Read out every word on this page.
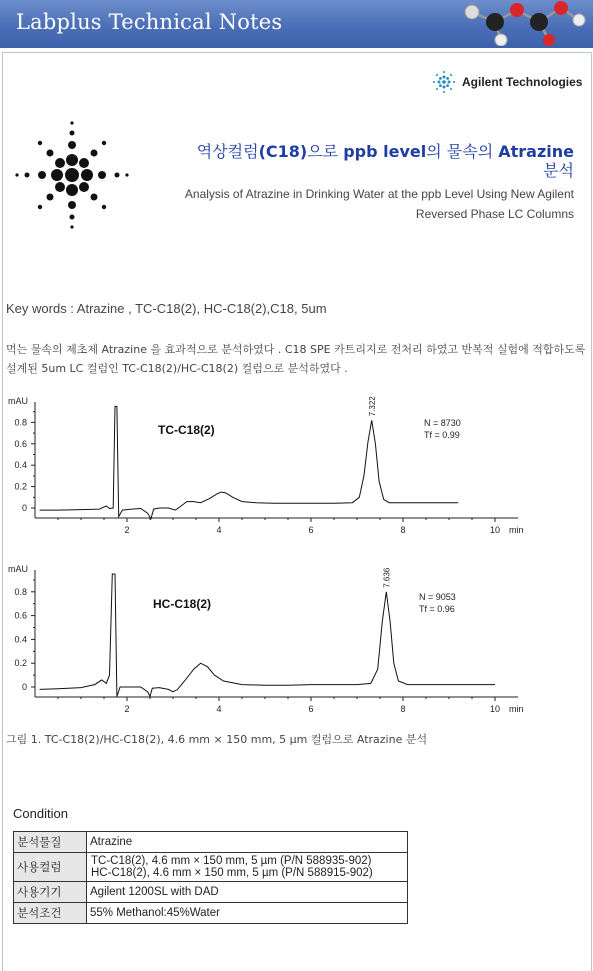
Labplus Technical Notes
Agilent Technologies
역상컬럼(C18)으로 ppb level의 물속의 Atrazine
분석
Analysis of Atrazine in Drinking Water at the ppb Level Using New Agilent
Reversed Phase LC Columns
Key words : Atrazine , TC-C18(2), HC-C18(2),C18, 5um
먹는 물속의 제초제 Atrazine 을 효과적으로 분석하였다 . C18 SPE 카트리지로 전처리 하였고 반복적 실험에 적합하도록 설계된 5um LC 컬럼인 TC-C18(2)/HC-C18(2) 컬럼으로 분석하였다 .
0
0.2
0.4
0.6
0.8
mAU
2	4	6	8	10 min
7.322
TC-C18(2)	N = 8730
Tf = 0.99
0
0.2
0.4
0.6
0.8
mAU
2	4	6	8	10 min
7.636
HC-C18(2)	N = 9053
Tf = 0.96
그림 1. TC-C18(2)/HC-C18(2), 4.6 mm × 150 mm, 5 µm 컬럼으로 Atrazine 분석
Condition
분석물질	Atrazine
사용컬럼	TC-C18(2), 4.6 mm × 150 mm, 5 µm (P/N 588935-902)
HC-C18(2), 4.6 mm × 150 mm, 5 µm (P/N 588915-902)

사용기기	Agilent 1200SL with DAD
분석조건	55% Methanol:45%Water
